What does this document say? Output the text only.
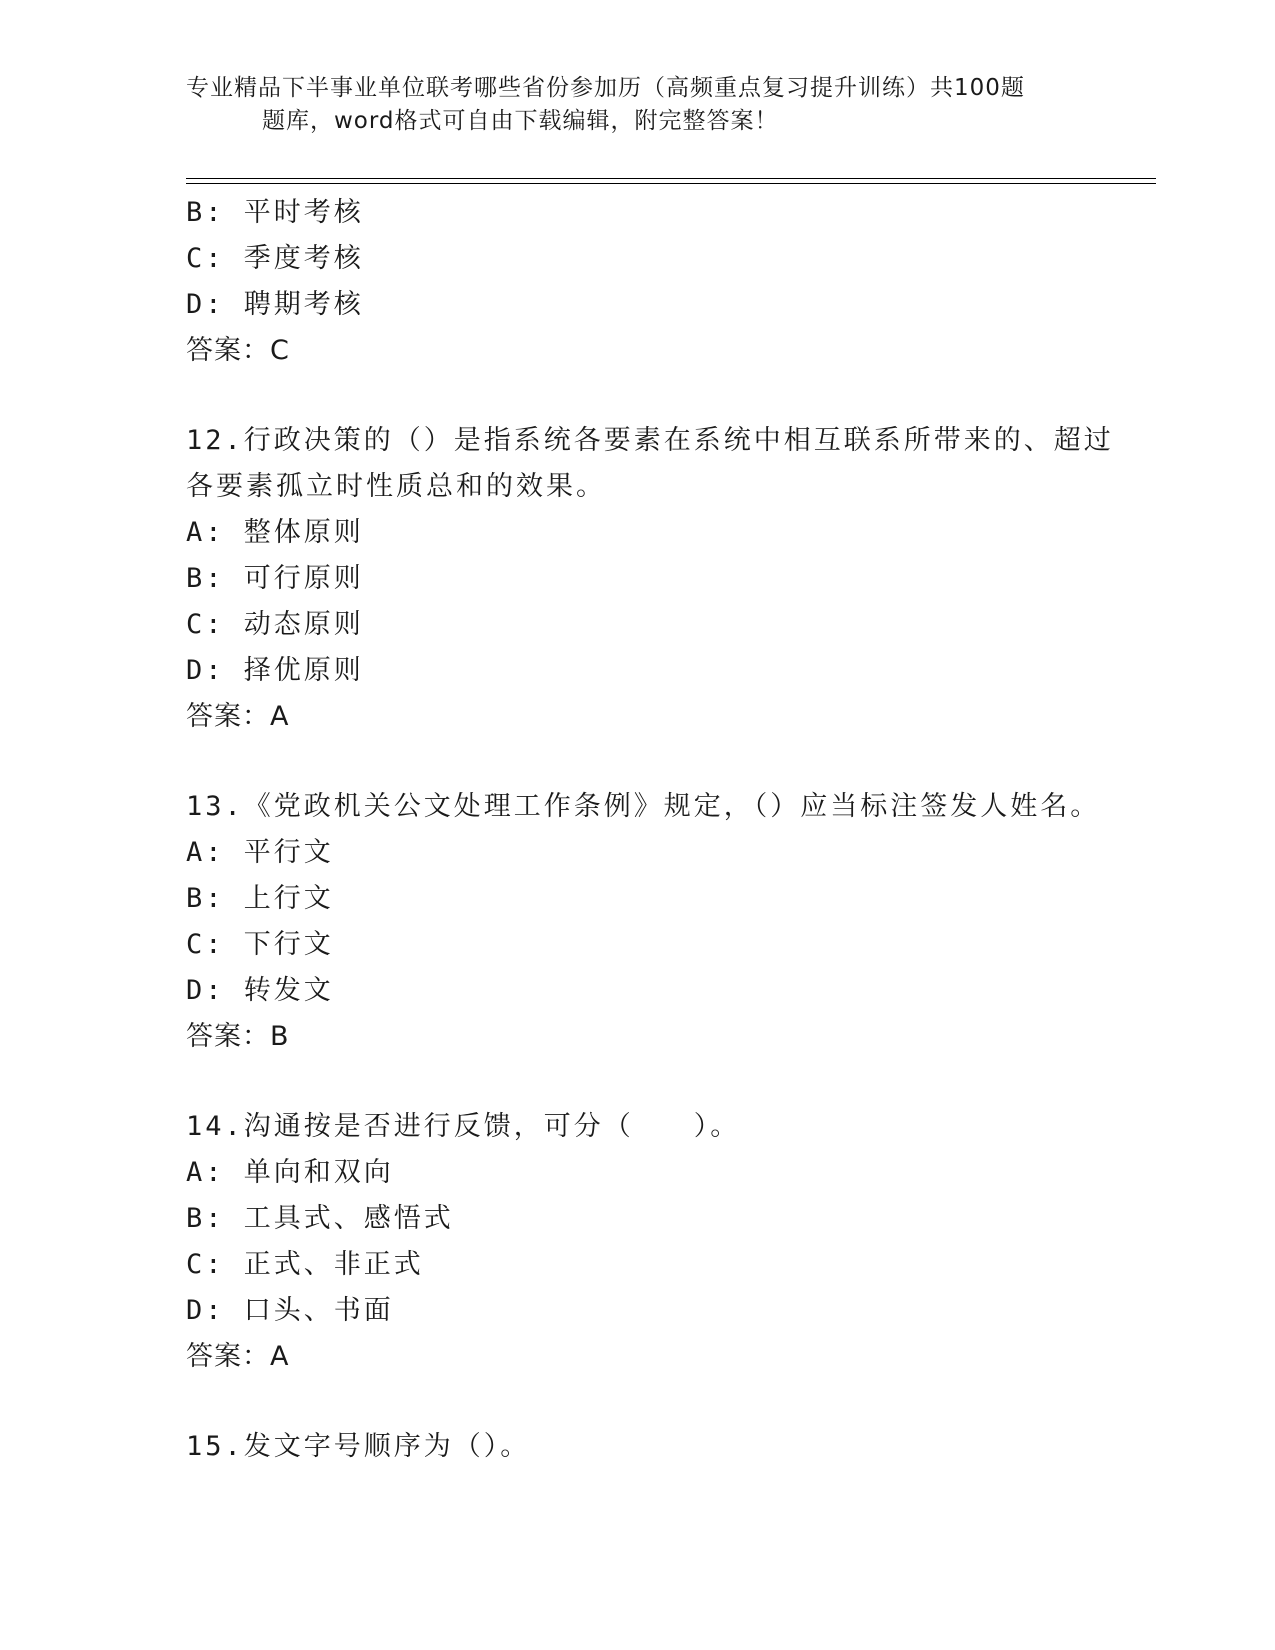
专业精品下半事业单位联考哪些省份参加历（高频重点复习提升训练）共100题
题库，word格式可自由下载编辑，附完整答案！
B: 平时考核
C: 季度考核
D: 聘期考核
答案：C
12.行政决策的（）是指系统各要素在系统中相互联系所带来的、超过
各要素孤立时性质总和的效果。
A: 整体原则
B: 可行原则
C: 动态原则
D: 择优原则
答案：A
13.《党政机关公文处理工作条例》规定，（）应当标注签发人姓名。
A: 平行文
B: 上行文
C: 下行文
D: 转发文
答案：B
14.沟通按是否进行反馈，可分（　　）。
A: 单向和双向
B: 工具式、感悟式
C: 正式、非正式
D: 口头、书面
答案：A
15.发文字号顺序为（）。
